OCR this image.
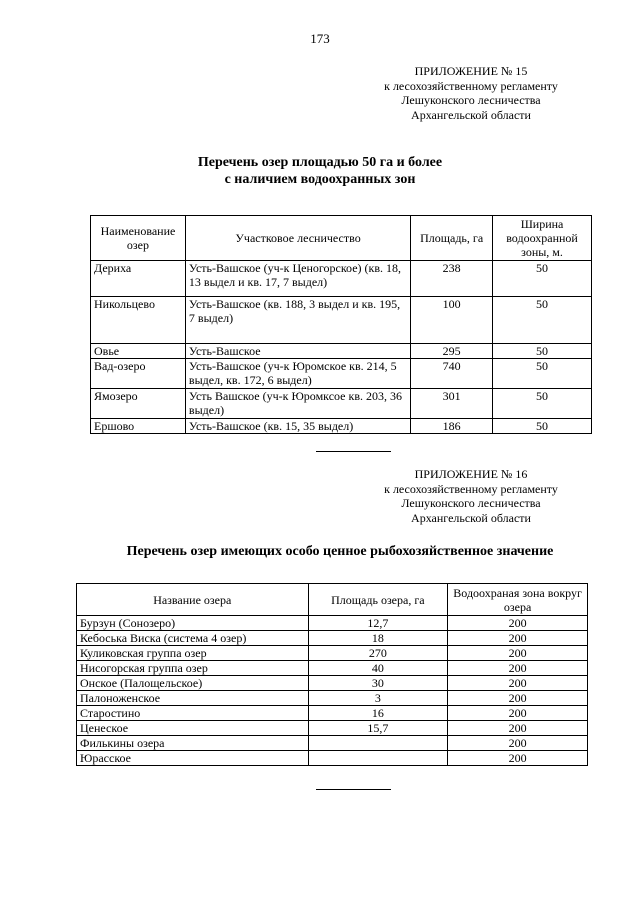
173
ПРИЛОЖЕНИЕ № 15
к лесохозяйственному регламенту
Лешуконского лесничества
Архангельской области
Перечень озер площадью 50 га и более
с наличием водоохранных зон
Наименование озер	Участковое лесничество	Площадь, га	Ширина водоохранной зоны, м.
Дериха	Усть-Вашское (уч-к Ценогорское) (кв. 18, 13 выдел и кв. 17, 7 выдел)	238	50
Никольцево	Усть-Вашское (кв. 188, 3 выдел и кв. 195, 7 выдел)	100	50
Овье	Усть-Вашское	295	50
Вад-озеро	Усть-Вашское (уч-к Юромское кв. 214, 5 выдел, кв. 172, 6 выдел)	740	50
Ямозеро	Усть Вашское (уч-к Юромксое кв. 203, 36 выдел)	301	50
Ершово	Усть-Вашское (кв. 15, 35 выдел)	186	50
ПРИЛОЖЕНИЕ № 16
к лесохозяйственному регламенту
Лешуконского лесничества
Архангельской области
Перечень озер имеющих особо ценное рыбохозяйственное значение
Название озера	Площадь озера, га	Водоохраная зона вокруг озера
Бурзун (Сонозеро)	12,7	200
Кебоська Виска (система 4 озер)	18	200
Куликовская группа озер	270	200
Нисогорская группа озер	40	200
Онское (Палощельское)	30	200
Палоноженское	3	200
Старостино	16	200
Ценеское	15,7	200
Филькины озера		200
Юрасское		200
